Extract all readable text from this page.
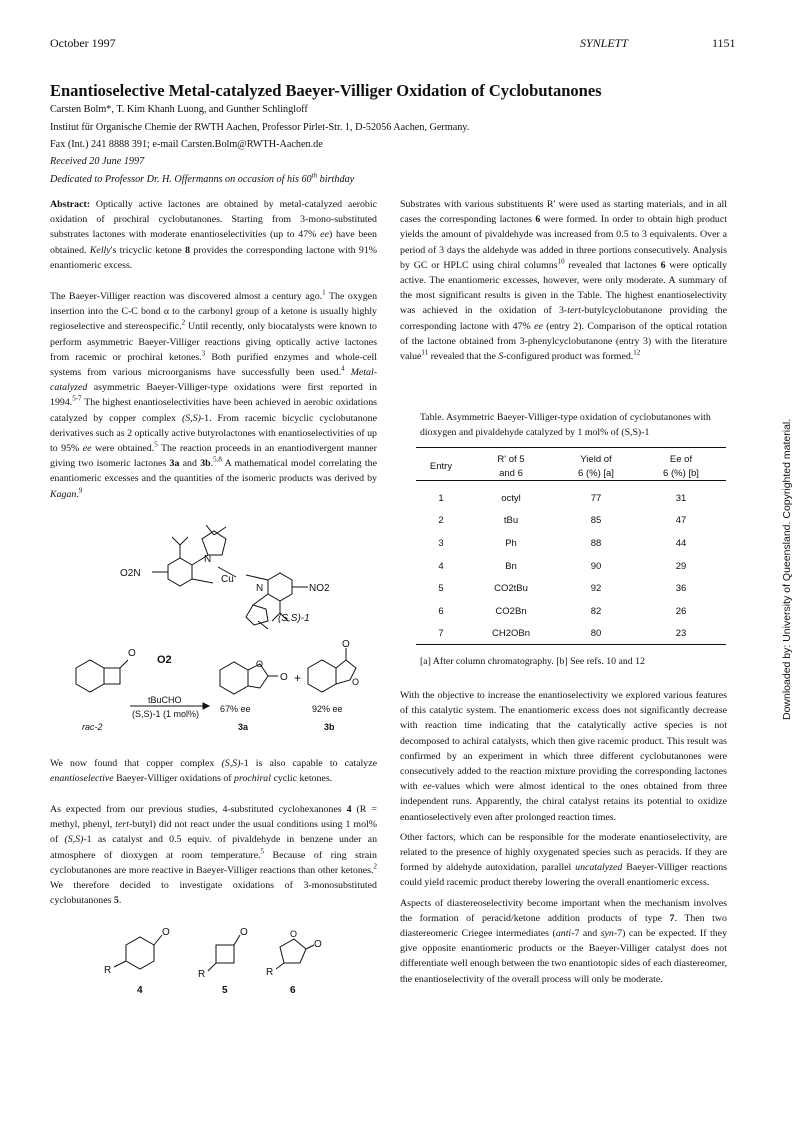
October 1997	SYNLETT	1151
Enantioselective Metal-catalyzed Baeyer-Villiger Oxidation of Cyclobutanones
Carsten Bolm*, T. Kim Khanh Luong, and Gunther Schlingloff
Institut für Organische Chemie der RWTH Aachen, Professor Pirlet-Str. 1, D-52056 Aachen, Germany.
Fax (Int.) 241 8888 391; e-mail Carsten.Bolm@RWTH-Aachen.de
Received 20 June 1997
Dedicated to Professor Dr. H. Offermanns on occasion of his 60th birthday

Abstract: Optically active lactones are obtained by metal-catalyzed aerobic oxidation of prochiral cyclobutanones. Starting from 3-mono-substituted substrates lactones with moderate enantioselectivities (up to 47% ee) have been obtained. Kelly's tricyclic ketone 8 provides the corresponding lactone with 91% enantiomeric excess.

The Baeyer-Villiger reaction was discovered almost a century ago.$^1$ The oxygen insertion into the C-C bond α to the carbonyl group of a ketone is usually highly regioselective and stereospecific.$^2$ Until recently, only biocatalysts were known to perform asymmetric Baeyer-Villiger reactions giving optically active lactones from racemic or prochiral ketones.$^3$ Both purified enzymes and whole-cell systems from various microorganisms have successfully been used.$^4$ Metal-catalyzed asymmetric Baeyer-Villiger-type oxidations were first reported in 1994.$^{5-7}$ The highest enantioselectivities have been achieved in aerobic oxidations catalyzed by copper complex (S,S)-1. From racemic bicyclic cyclobutanone derivatives such as 2 optically active butyrolactones with enantioselectivities of up to 95% ee were obtained.$^5$ The reaction proceeds in an enantiodivergent manner giving two isomeric lactones 3a and 3b.$^{5,8}$ A mathematical model correlating the enantiomeric excesses and the quantities of the isomeric products was derived by Kagan.$^9$

O2N
NO2
Cu
N
N
(S,S)-1
O
O2
tBuCHO
(S,S)-1 (1 mol%)
O
O
O
O
+
67% ee	92% ee
rac-2	3a	3b

We now found that copper complex (S,S)-1 is also capable to catalyze enantioselective Baeyer-Villiger oxidations of prochiral cyclic ketones.

As expected from our previous studies, 4-substituted cyclohexanones 4 (R = methyl, phenyl, tert-butyl) did not react under the usual conditions using 1 mol% of (S,S)-1 as catalyst and 0.5 equiv. of pivaldehyde in benzene under an atmosphere of dioxygen at room temperature.$^5$ Because of ring strain cyclobutanones are more reactive in Baeyer-Villiger reactions than other ketones.$^2$ We therefore decided to investigate oxidations of 3-monosubstituted cyclobutanones 5.

O	O	O
O
R	R	R
4	5	6

Substrates with various substituents R' were used as starting materials, and in all cases the corresponding lactones 6 were formed. In order to obtain high product yields the amount of pivaldehyde was increased from 0.5 to 3 equivalents. Over a period of 3 days the aldehyde was added in three portions consecutively. Analysis by GC or HPLC using chiral columns$^{10}$ revealed that lactones 6 were optically active. The enantiomeric excesses, however, were only moderate. A summary of the most significant results is given in the Table. The highest enantioselectivity was achieved in the oxidation of 3-tert-butylcyclobutanone providing the corresponding lactone with 47% ee (entry 2). Comparison of the optical rotation of the lactone obtained from 3-phenylcyclobutanone (entry 3) with the literature value$^{11}$ revealed that the S-configured product was formed.$^{12}$

Table. Asymmetric Baeyer-Villiger-type oxidation of cyclobutanones with dioxygen and pivaldehyde catalyzed by 1 mol% of (S,S)-1
Entry	R' of 5	Yield of	Ee of
	and 6	6 (%) [a]	6 (%) [b]

1	octyl	77	31
2	tBu	85	47
3	Ph	88	44
4	Bn	90	29
5	CO2tBu	92	36
6	CO2Bn	82	26
7	CH2OBn	80	23
[a] After column chromatography. [b] See refs. 10 and 12

With the objective to increase the enantioselectivity we explored various features of this catalytic system. The enantiomeric excess does not significantly decrease with reaction time indicating that the catalytically active species is not decomposed to achiral catalysts, which then give racemic product. This result was confirmed by an experiment in which three different cyclobutanones were consecutively added to the reaction mixture providing the corresponding lactones with ee-values which were almost identical to the ones obtained from three independent runs. Apparently, the chiral catalyst retains its potential to oxidize enantioselectively even after prolonged reaction times.

Other factors, which can be responsible for the moderate enantioselectivity, are related to the presence of highly oxygenated species such as peracids. If they are formed by aldehyde autoxidation, parallel uncatalyzed Baeyer-Villiger reactions could yield racemic product thereby lowering the overall enantiomeric excess.

Aspects of diastereoselectivity become important when the mechanism involves the formation of peracid/ketone addition products of type 7. Then two diastereomeric Criegee intermediates (anti-7 and syn-7) can be expected. If they give opposite enantiomeric products or the Baeyer-Villiger catalyst does not differentiate well enough between the two enantiotopic sides of each diastereomer, the enantioselectivity of the overall process will only be moderate.

Downloaded by: University of Queensland. Copyrighted material.
